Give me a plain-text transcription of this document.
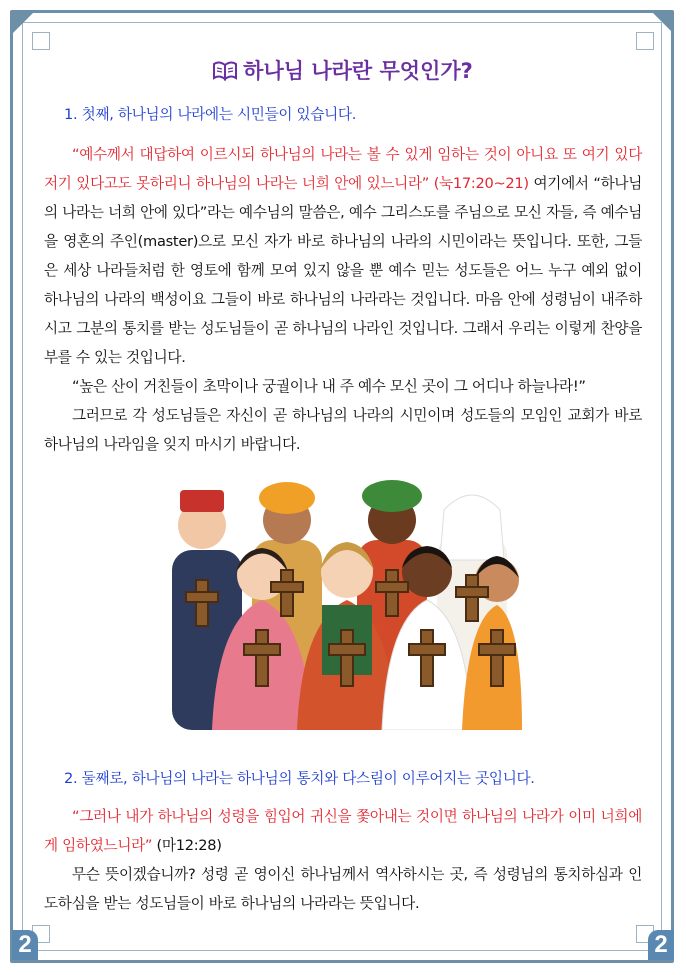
2	2
하나님 나라란 무엇인가?

1. 첫째, 하나님의 나라에는 시민들이 있습니다.

“예수께서 대답하여 이르시되 하나님의 나라는 볼 수 있게 임하는 것이 아니요 또 여기 있다 저기 있다고도 못하리니 하나님의 나라는 너희 안에 있느니라” (눅17:20~21) 여기에서 “하나님의 나라는 너희 안에 있다”라는 예수님의 말씀은, 예수 그리스도를 주님으로 모신 자들, 즉 예수님을 영혼의 주인(master)으로 모신 자가 바로 하나님의 나라의 시민이라는 뜻입니다. 또한, 그들은 세상 나라들처럼 한 영토에 함께 모여 있지 않을 뿐 예수 믿는 성도들은 어느 누구 예외 없이 하나님의 나라의 백성이요 그들이 바로 하나님의 나라라는 것입니다. 마음 안에 성령님이 내주하시고 그분의 통치를 받는 성도님들이 곧 하나님의 나라인 것입니다. 그래서 우리는 이렇게 찬양을 부를 수 있는 것입니다.

“높은 산이 거친들이 초막이나 궁궐이나 내 주 예수 모신 곳이 그 어디나 하늘나라!”

그러므로 각 성도님들은 자신이 곧 하나님의 나라의 시민이며 성도들의 모임인 교회가 바로 하나님의 나라임을 잊지 마시기 바랍니다.

2. 둘째로, 하나님의 나라는 하나님의 통치와 다스림이 이루어지는 곳입니다.

“그러나 내가 하나님의 성령을 힘입어 귀신을 쫓아내는 것이면 하나님의 나라가 이미 너희에게 임하였느니라” (마12:28)

무슨 뜻이겠습니까? 성령 곧 영이신 하나님께서 역사하시는 곳, 즉 성령님의 통치하심과 인도하심을 받는 성도님들이 바로 하나님의 나라라는 뜻입니다.
